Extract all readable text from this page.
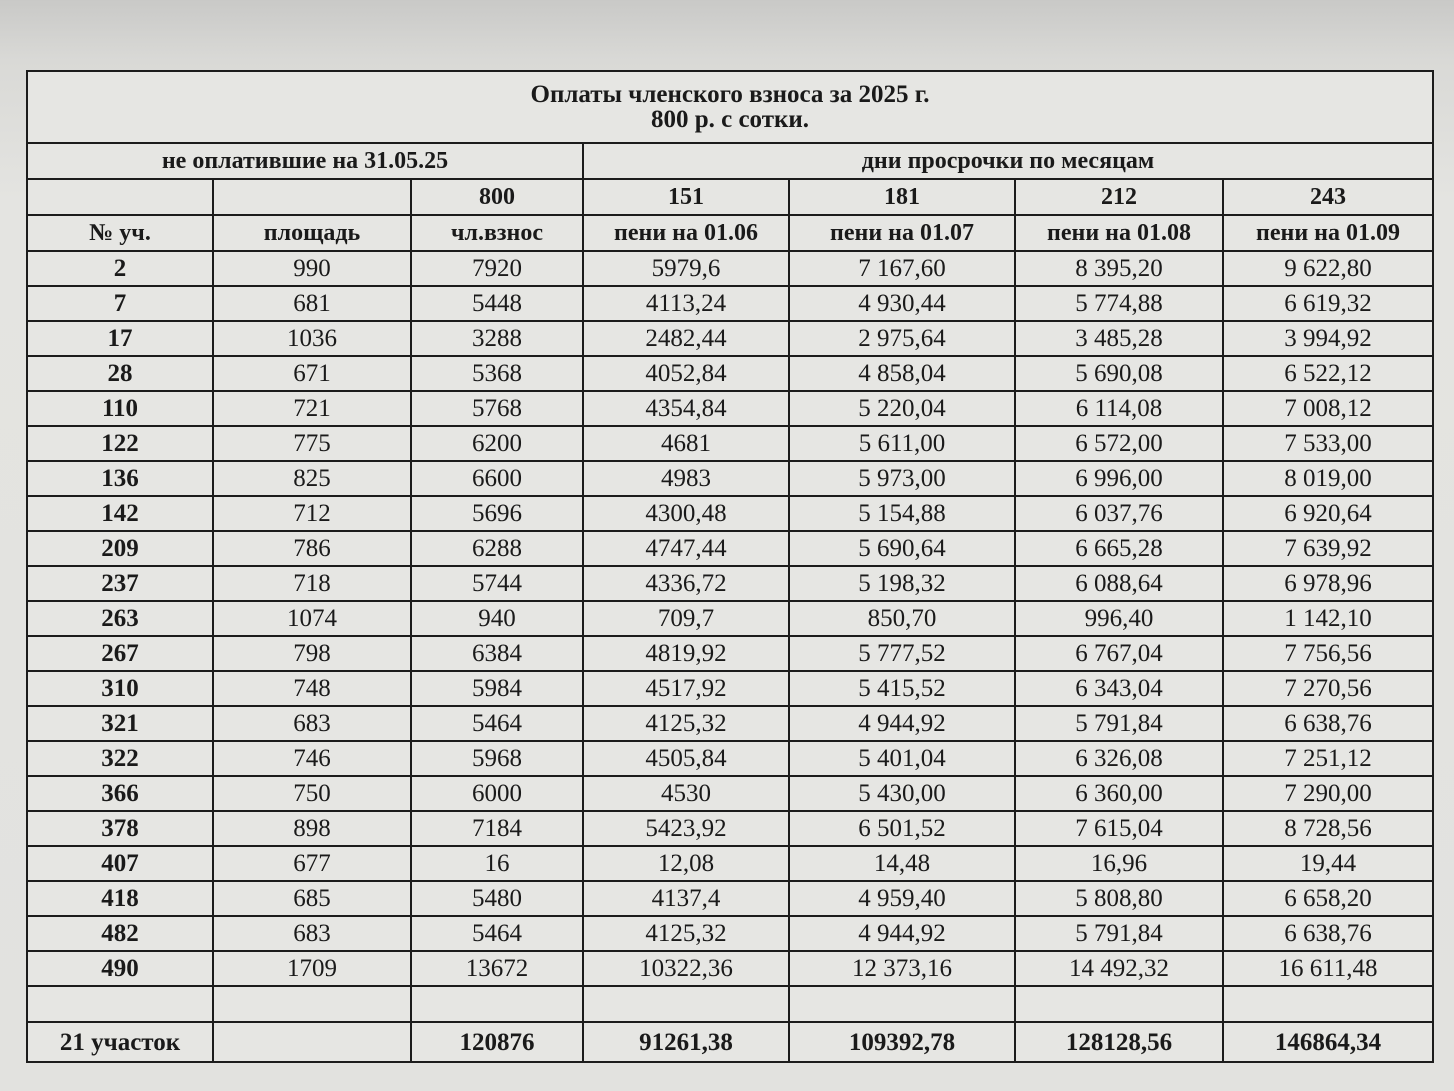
Оплаты членского взноса за 2025 г.
800 р. с сотки.						

не оплатившие на 31.05.25			дни просрочки по месяцам			
		800	151	181	212	243
№ уч.	площадь	чл.взнос	пени на 01.06	пени на 01.07	пени на 01.08	пени на 01.09
2	990	7920	5979,6	7 167,60	8 395,20	9 622,80
7	681	5448	4113,24	4 930,44	5 774,88	6 619,32
17	1036	3288	2482,44	2 975,64	3 485,28	3 994,92
28	671	5368	4052,84	4 858,04	5 690,08	6 522,12
110	721	5768	4354,84	5 220,04	6 114,08	7 008,12
122	775	6200	4681	5 611,00	6 572,00	7 533,00
136	825	6600	4983	5 973,00	6 996,00	8 019,00
142	712	5696	4300,48	5 154,88	6 037,76	6 920,64
209	786	6288	4747,44	5 690,64	6 665,28	7 639,92
237	718	5744	4336,72	5 198,32	6 088,64	6 978,96
263	1074	940	709,7	850,70	996,40	1 142,10
267	798	6384	4819,92	5 777,52	6 767,04	7 756,56
310	748	5984	4517,92	5 415,52	6 343,04	7 270,56
321	683	5464	4125,32	4 944,92	5 791,84	6 638,76
322	746	5968	4505,84	5 401,04	6 326,08	7 251,12
366	750	6000	4530	5 430,00	6 360,00	7 290,00
378	898	7184	5423,92	6 501,52	7 615,04	8 728,56
407	677	16	12,08	14,48	16,96	19,44
418	685	5480	4137,4	4 959,40	5 808,80	6 658,20
482	683	5464	4125,32	4 944,92	5 791,84	6 638,76
490	1709	13672	10322,36	12 373,16	14 492,32	16 611,48

21 участок		120876	91261,38	109392,78	128128,56	146864,34
